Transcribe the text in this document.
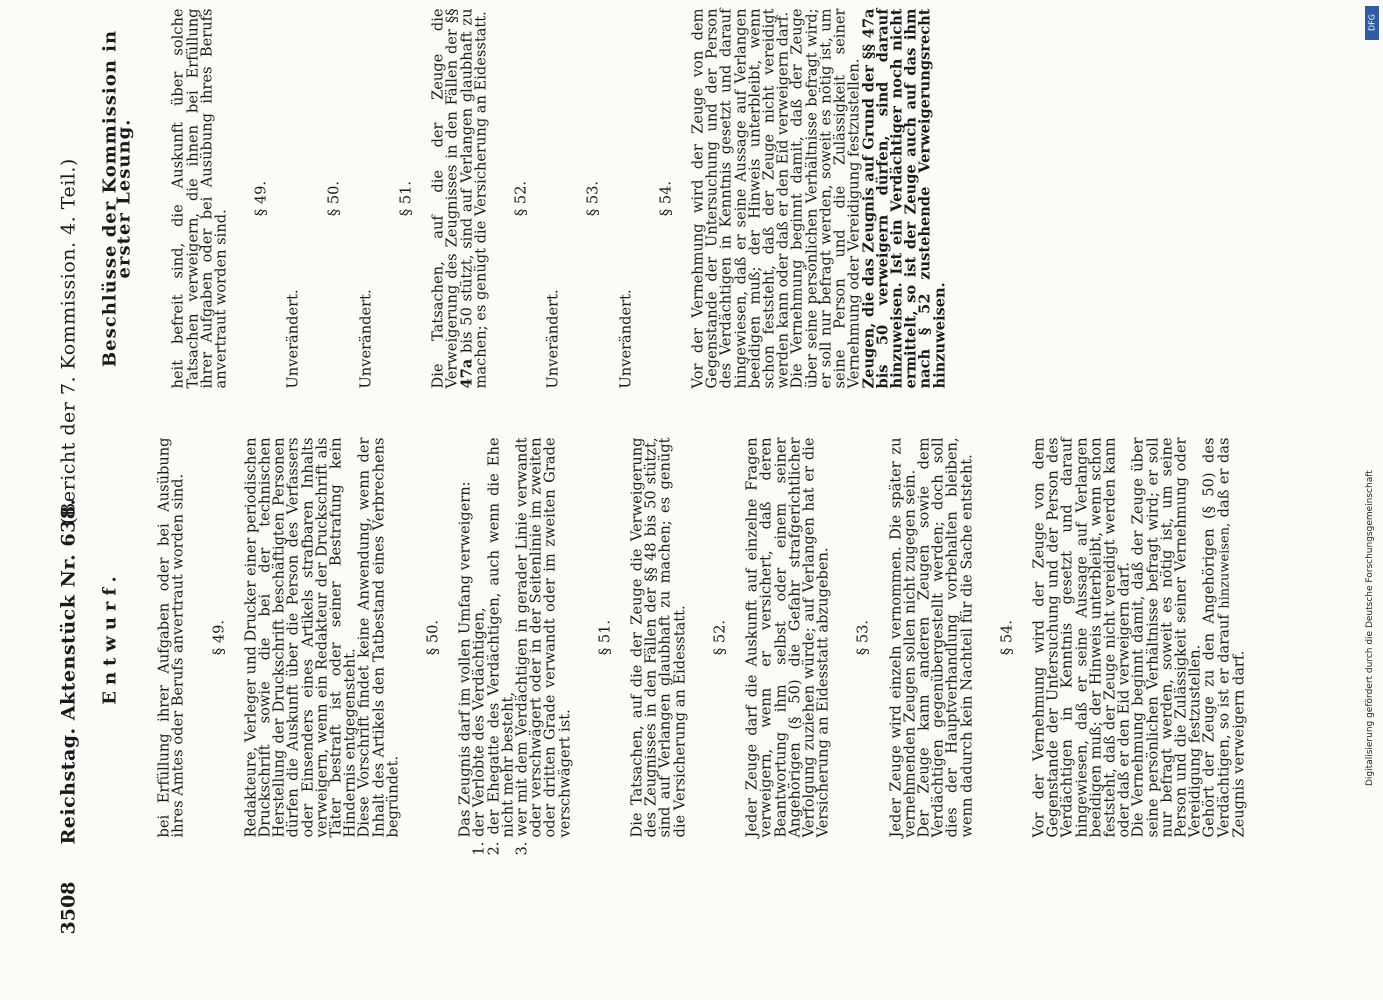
3508
Reichstag. Aktenstück Nr. 638.
(Bericht der 7. Kommission. 4. Teil.)
Entwurf. bei Erfüllung ihrer Aufgaben oder bei Ausübung ihres Amtes oder Berufs anvertraut worden sind. § 49. Redakteure, Verleger und Drucker einer periodischen Druckschrift sowie die bei der technischen Herstellung der Druckschrift beschäftigten Personen dürfen die Auskunft über die Person des Verfassers oder Einsenders eines Artikels strafbaren Inhalts verweigern, wenn ein Redakteur der Druckschrift als Täter bestraft ist oder seiner Bestrafung kein Hindernis entgegensteht.

Diese Vorschrift findet keine Anwendung, wenn der Inhalt des Artikels den Tatbestand eines Verbrechens begründet.

§ 50. Das Zeugnis darf im vollen Umfang verweigern:

1. der Verlobte des Verdächtigen,

2. der Ehegatte des Verdächtigen, auch wenn die Ehe nicht mehr besteht,

3. wer mit dem Verdächtigen in gerader Linie verwandt oder verschwägert oder in der Seitenlinie im zweiten oder dritten Grade verwandt oder im zweiten Grade verschwägert ist.

§ 51. Die Tatsachen, auf die der Zeuge die Verweigerung des Zeugnisses in den Fällen der §§ 48 bis 50 stützt, sind auf Verlangen glaubhaft zu machen; es genügt die Versicherung an Eidesstatt. § 52. Jeder Zeuge darf die Auskunft auf einzelne Fragen verweigern, wenn er versichert, daß deren Beantwortung ihm selbst oder einem seiner Angehörigen (§ 50) die Gefahr strafgerichtlicher Verfolgung zuziehen würde; auf Verlangen hat er die Versicherung an Eidesstatt abzugeben. § 53. Jeder Zeuge wird einzeln vernommen. Die später zu vernehmenden Zeugen sollen nicht zugegen sein.

Der Zeuge kann anderen Zeugen sowie dem Verdächtigen gegenübergestellt werden; doch soll dies der Hauptverhandlung vorbehalten bleiben, wenn dadurch kein Nachteil für die Sache entsteht. § 54. Vor der Vernehmung wird der Zeuge von dem Gegenstande der Untersuchung und der Person des Verdächtigen in Kenntnis gesetzt und darauf hingewiesen, daß er seine Aussage auf Verlangen beeidigen muß; der Hinweis unterbleibt, wenn schon feststeht, daß der Zeuge nicht vereidigt werden kann oder daß er den Eid verweigern darf.

Die Vernehmung beginnt damit, daß der Zeuge über seine persönlichen Verhältnisse befragt wird; er soll nur befragt werden, soweit es nötig ist, um seine Person und die Zulässigkeit seiner Vernehmung oder Vereidigung festzustellen.

Gehört der Zeuge zu den Angehörigen (§ 50) des Verdächtigen, so ist er darauf hinzuweisen, daß er das Zeugnis verweigern darf.

Beschlüsse der Kommission in erster Lesung. heit befreit sind, die Auskunft über solche Tatsachen verweigern, die ihnen bei Erfüllung ihrer Aufgaben oder bei Ausübung ihres Berufs anvertraut worden sind.

§ 49.

Unverändert.

§ 50.

Unverändert.

§ 51. Die Tatsachen, auf die der Zeuge die Verweigerung des Zeugnisses in den Fällen der §§ 47a bis 50 stützt, sind auf Verlangen glaubhaft zu machen; es genügt die Versicherung an Eidesstatt. § 52.

Unverändert.

§ 53.

Unverändert.

§ 54. Vor der Vernehmung wird der Zeuge von dem Gegenstande der Untersuchung und der Person des Verdächtigen in Kenntnis gesetzt und darauf hingewiesen, daß er seine Aussage auf Verlangen beeidigen muß; der Hinweis unterbleibt, wenn schon feststeht, daß der Zeuge nicht vereidigt werden kann oder daß er den Eid verweigern darf.

Die Vernehmung beginnt damit, daß der Zeuge über seine persönlichen Verhältnisse befragt wird; er soll nur befragt werden, soweit es nötig ist, um seine Person und die Zulässigkeit seiner Vernehmung oder Vereidigung festzustellen.

Zeugen, die das Zeugnis auf Grund der §§ 47a bis 50 verweigern dürfen, sind darauf hinzuweisen. Ist ein Verdächtiger noch nicht ermittelt, so ist der Zeuge auch auf das ihm nach § 52 zustehende Verweigerungsrecht hinzuweisen.

DFG
Digitalisierung gefördert durch die Deutsche Forschungsgemeinschaft
